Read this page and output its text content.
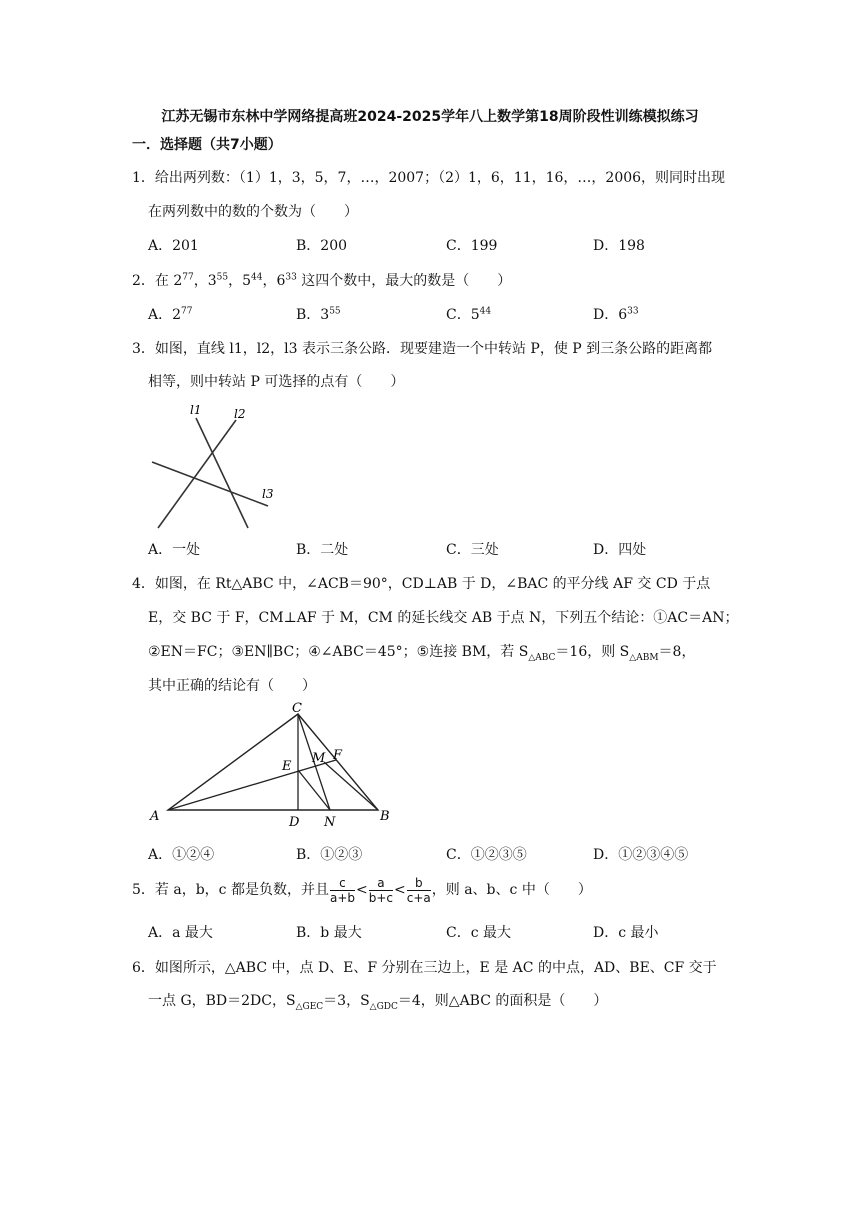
江苏无锡市东林中学网络提高班2024-2025学年八上数学第18周阶段性训练模拟练习
一．选择题（共7小题）
1．给出两列数：（1）1，3，5，7，…，2007；（2）1，6，11，16，…，2006，则同时出现
在两列数中的数的个数为（　　）
A．201	B．200	C．199	D．198
2．在 $2^{77}$，$3^{55}$，$5^{44}$，$6^{33}$ 这四个数中，最大的数是（　　）
A．$2^{77}$	B．$3^{55}$	C．$5^{44}$	D．$6^{33}$
3．如图，直线 l1，l2，l3 表示三条公路．现要建造一个中转站 P，使 P 到三条公路的距离都
相等，则中转站 P 可选择的点有（　　）
l1	l2
l3
A．一处	B．二处	C．三处	D．四处
4．如图，在 Rt△ABC 中，∠ACB＝90°，CD⊥AB 于 D，∠BAC 的平分线 AF 交 CD 于点
E，交 BC 于 F，CM⊥AF 于 M，CM 的延长线交 AB 于点 N，下列五个结论：①AC＝AN；
②EN＝FC；③EN∥BC；④∠ABC＝45°；⑤连接 BM，若 $S_{\triangle ABC}=16$，则 $S_{\triangle ABM}=8$，
其中正确的结论有（　　）
C
E
M F
A	D N	B
A．①②④	B．①②③	C．①②③⑤	D．①②③④⑤
5．若 a，b，c 都是负数，并且 $\frac{c}{a+b} < \frac{a}{b+c} < \frac{b}{c+a}$ ，则 a、b、c 中（　　）
A．a 最大	B．b 最大	C．c 最大	D．c 最小
6．如图所示，△ABC 中，点 D、E、F 分别在三边上，E 是 AC 的中点，AD、BE、CF 交于
一点 G，BD＝2DC，$S_{\triangle GEC}=3$，$S_{\triangle GDC}=4$，则△ABC 的面积是（　　）
